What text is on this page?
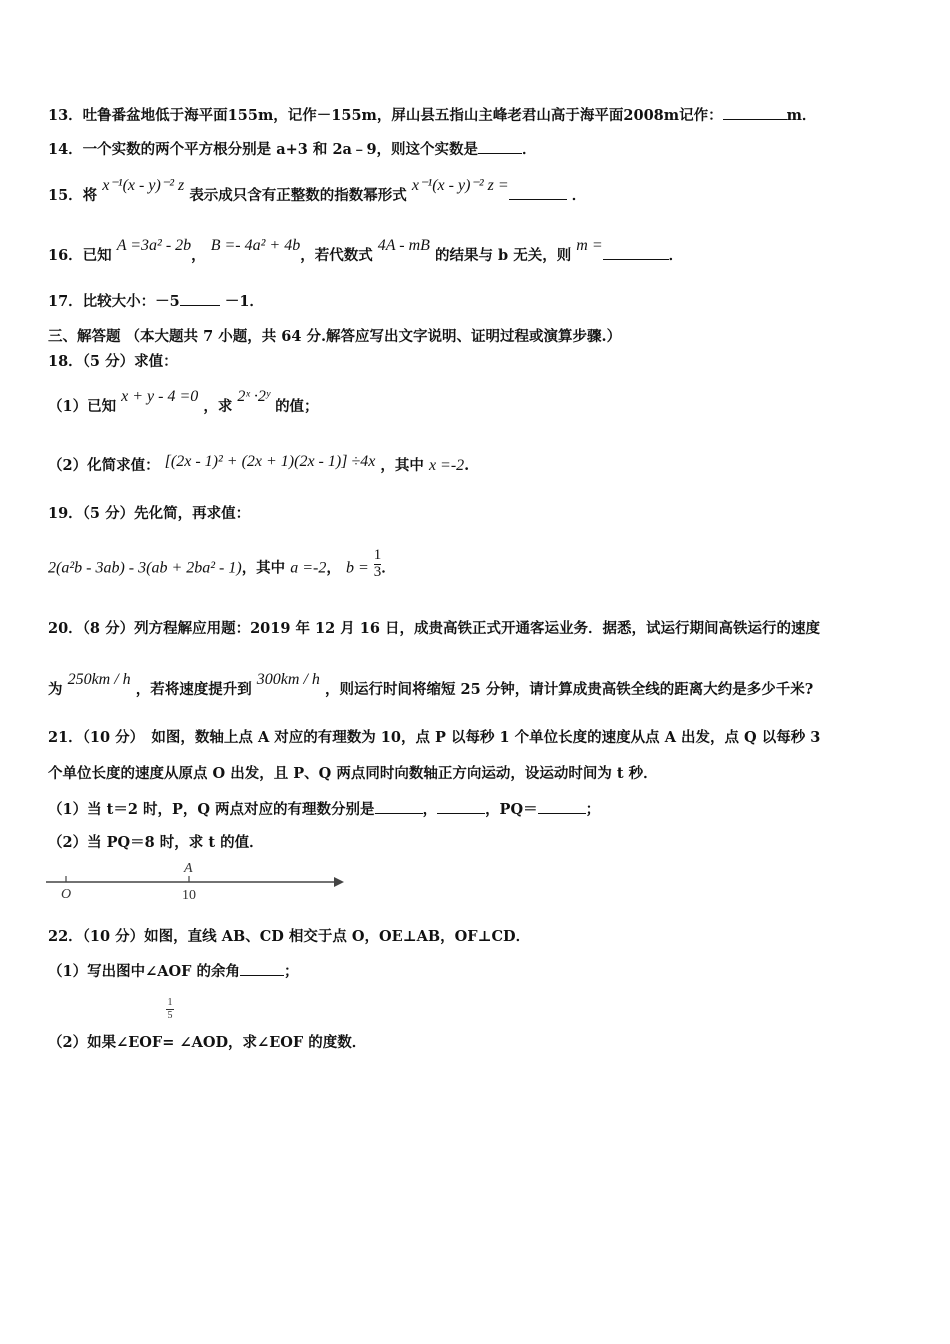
13．吐鲁番盆地低于海平面155m，记作－155m，屏山县五指山主峰老君山高于海平面2008m记作：	m．
14．一个实数的两个平方根分别是 a+3 和 2a﹣9，则这个实数是	．
15．将 x⁻¹(x - y)⁻² z 表示成只含有正整数的指数幂形式 x⁻¹(x - y)⁻² z = ．
16．已知 A =3a² - 2b， B =- 4a² + 4b，若代数式 4A - mB 的结果与 b 无关，则 m =．
17．比较大小：－5	－1．
三、解答题 （本大题共 7 小题，共 64 分.解答应写出文字说明、证明过程或演算步骤.）
18．（5 分）求值：
（1）已知 x + y - 4 =0 ，求 2ˣ ·2ʸ 的值；
（2）化简求值： [(2x - 1)² + (2x + 1)(2x - 1)] ÷4x ，其中 x =-2.
19．（5 分）先化简，再求值：
2(a²b - 3ab) - 3(ab + 2ba² - 1)，其中 a =-2， $b = \frac{1}{3}$ ．
20．（8 分）列方程解应用题：2019 年 12 月 16 日，成贵高铁正式开通客运业务．据悉，试运行期间高铁运行的速度
为 250km / h ，若将速度提升到 300km / h ，则运行时间将缩短 25 分钟，请计算成贵高铁全线的距离大约是多少千米?
21．（10 分）　如图，数轴上点 A 对应的有理数为 10，点 P 以每秒 1 个单位长度的速度从点 A 出发，点 Q 以每秒 3
个单位长度的速度从原点 O 出发，且 P、Q 两点同时向数轴正方向运动，设运动时间为 t 秒．
（1）当 t＝2 时，P，Q 两点对应的有理数分别是	，	，PQ＝	；
（2）当 PQ＝8 时，求 t 的值．
O
A
10
22．（10 分）如图，直线 AB、CD 相交于点 O，OE⊥AB，OF⊥CD．
（1）写出图中∠AOF 的余角	；
1
5
（2）如果∠EOF= ∠AOD，求∠EOF 的度数．
